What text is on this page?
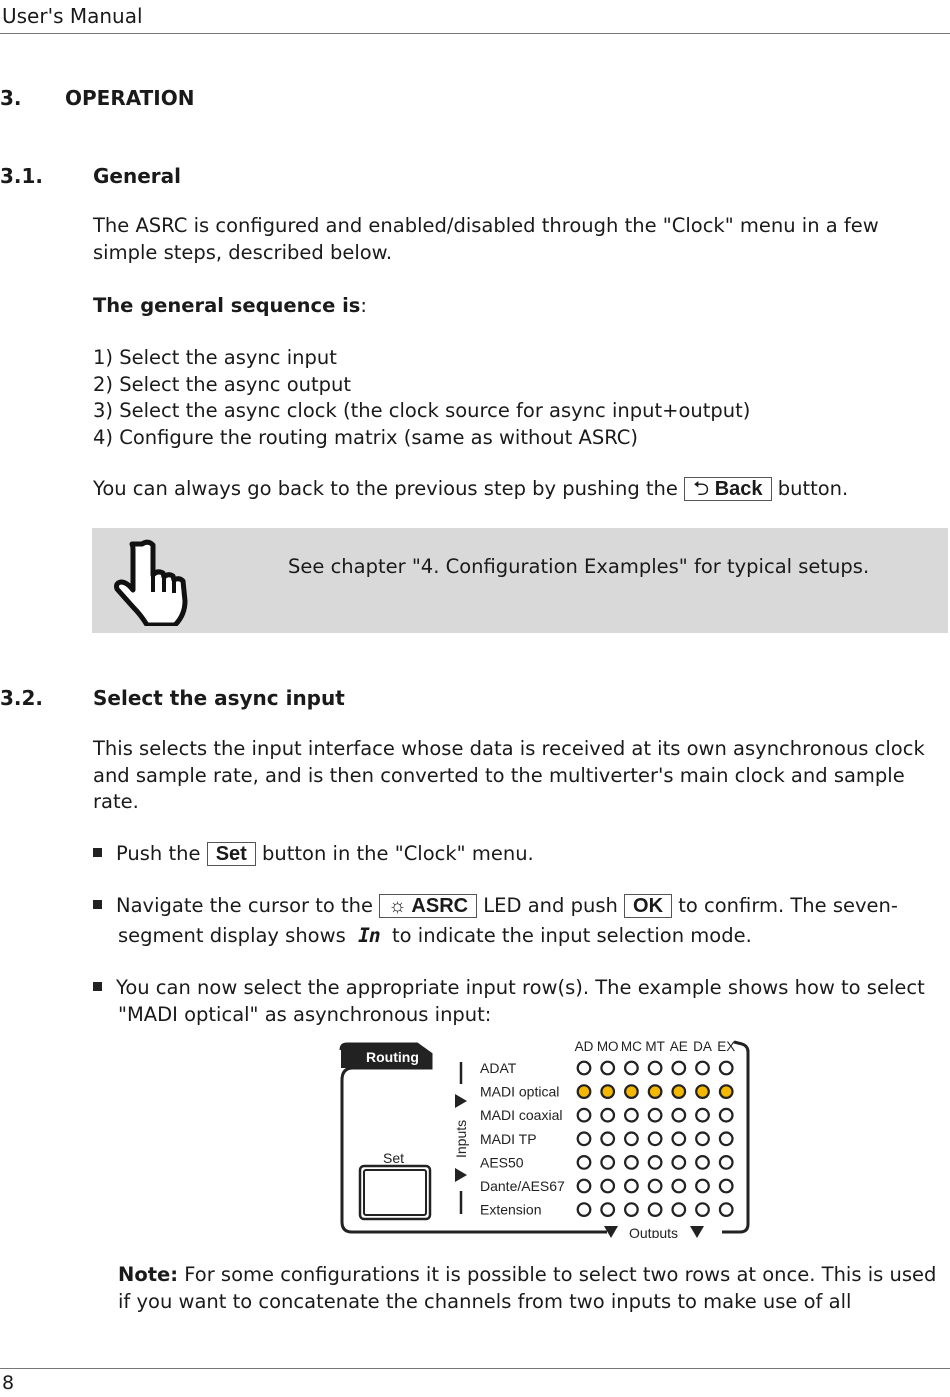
User's Manual
3. OPERATION
3.1. General
The ASRC is configured and enabled/disabled through the "Clock" menu in a few simple steps, described below.
The general sequence is:
1) Select the async input
2) Select the async output
3) Select the async clock (the clock source for async input+output)
4) Configure the routing matrix (same as without ASRC)
You can always go back to the previous step by pushing the ⮌ Back button.
See chapter "4. Configuration Examples" for typical setups.
3.2. Select the async input
This selects the input interface whose data is received at its own asynchronous clock and sample rate, and is then converted to the multiverter's main clock and sample rate.
Push the Set button in the "Clock" menu.
Navigate the cursor to the ☼ ASRC LED and push OK to confirm. The seven-
segment display shows In to indicate the input selection mode.
You can now select the appropriate input row(s). The example shows how to select "MADI optical" as asynchronous input:
Routing
Set	Inputs
Outputs
AD MO MC MT AE DA EX
ADAT
MADI optical
MADI coaxial
MADI TP
AES50
Dante/AES67
Extension
Note: For some configurations it is possible to select two rows at once. This is used if you want to concatenate the channels from two inputs to make use of all
8
